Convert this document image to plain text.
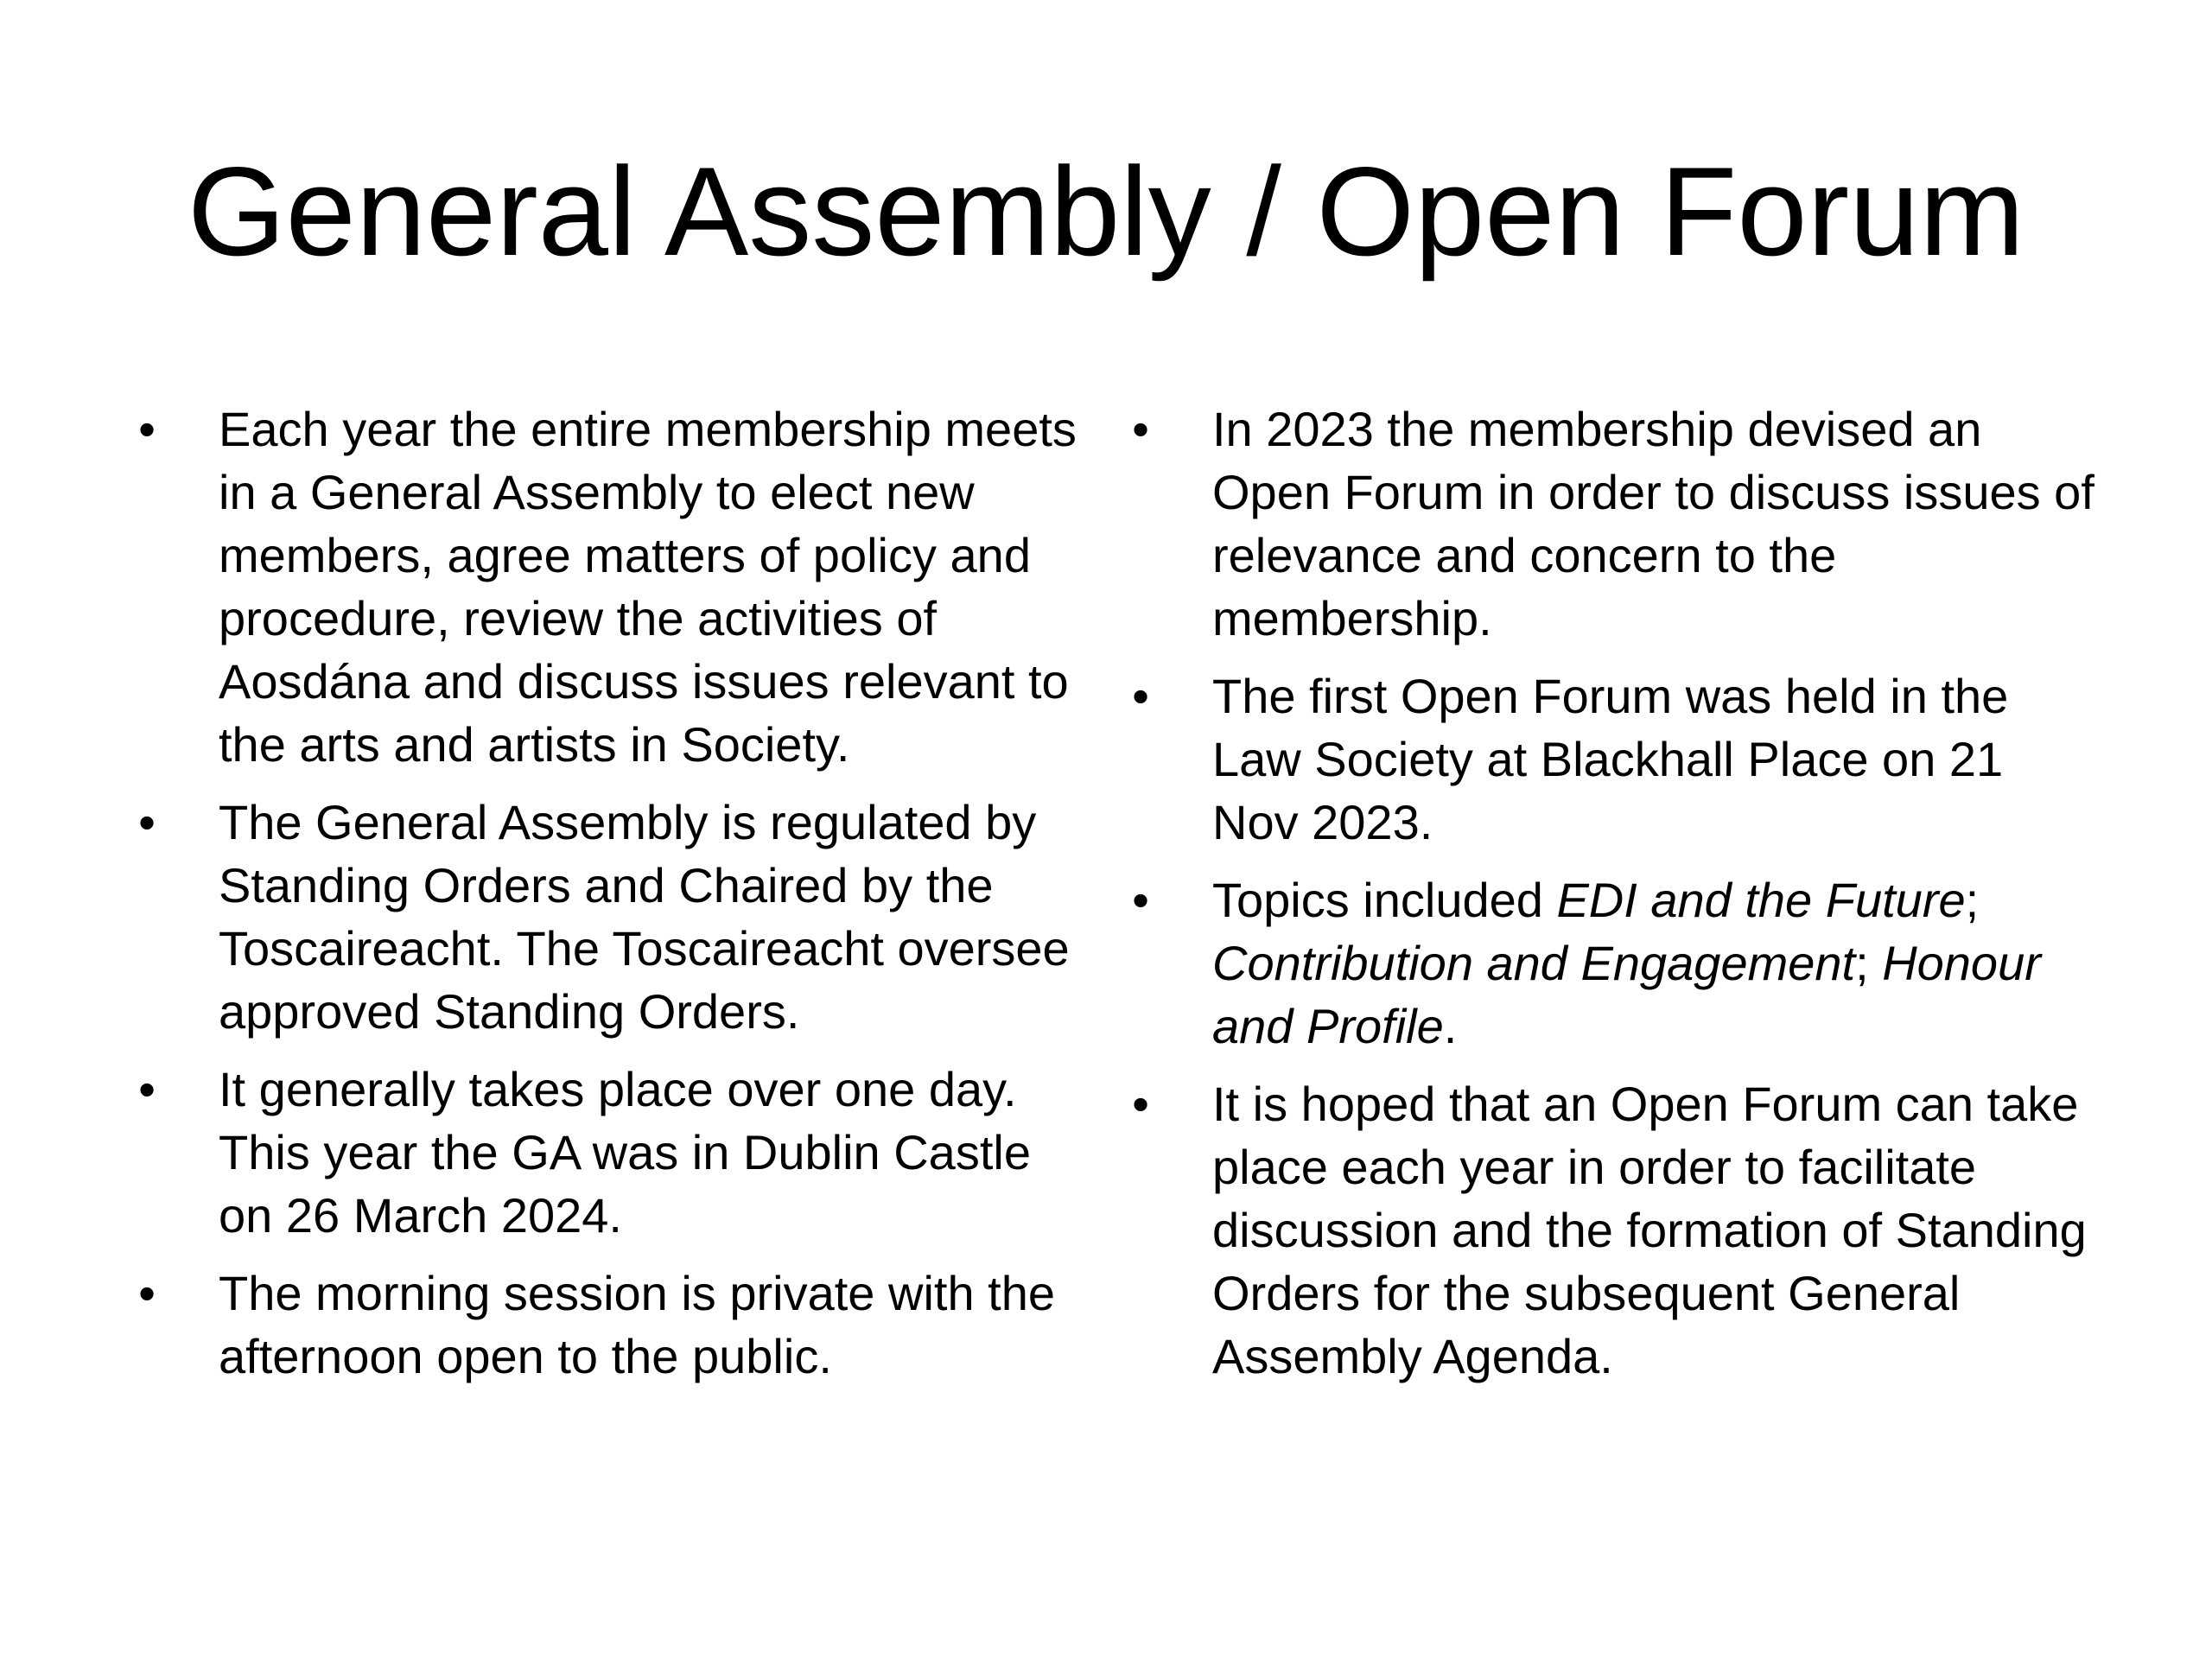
General Assembly / Open Forum
• Each year the entire membership meets in a General Assembly to elect new members, agree matters of policy and procedure, review the activities of Aosdána and discuss issues relevant to the arts and artists in Society.
• The General Assembly is regulated by Standing Orders and Chaired by the Toscaireacht. The Toscaireacht oversee approved Standing Orders.
• It generally takes place over one day. This year the GA was in Dublin Castle on 26 March 2024.
• The morning session is private with the afternoon open to the public.
• In 2023 the membership devised an Open Forum in order to discuss issues of relevance and concern to the membership.
• The first Open Forum was held in the Law Society at Blackhall Place on 21 Nov 2023.
• Topics included EDI and the Future; Contribution and Engagement; Honour and Profile.
• It is hoped that an Open Forum can take place each year in order to facilitate discussion and the formation of Standing Orders for the subsequent General Assembly Agenda.
